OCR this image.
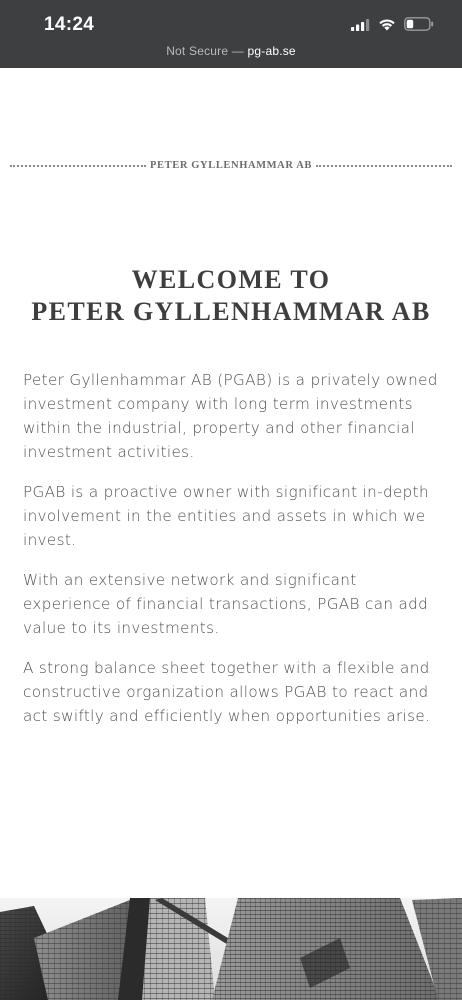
14:24
Not Secure — pg-ab.se
PETER GYLLENHAMMAR AB
WELCOME TO
PETER GYLLENHAMMAR AB

Peter Gyllenhammar AB (PGAB) is a privately owned investment company with long term investments within the industrial, property and other financial investment activities.

PGAB is a proactive owner with significant in-depth involvement in the entities and assets in which we invest.

With an extensive network and significant experience of financial transactions, PGAB can add value to its investments.

A strong balance sheet together with a flexible and constructive organization allows PGAB to react and act swiftly and efficiently when opportunities arise.
